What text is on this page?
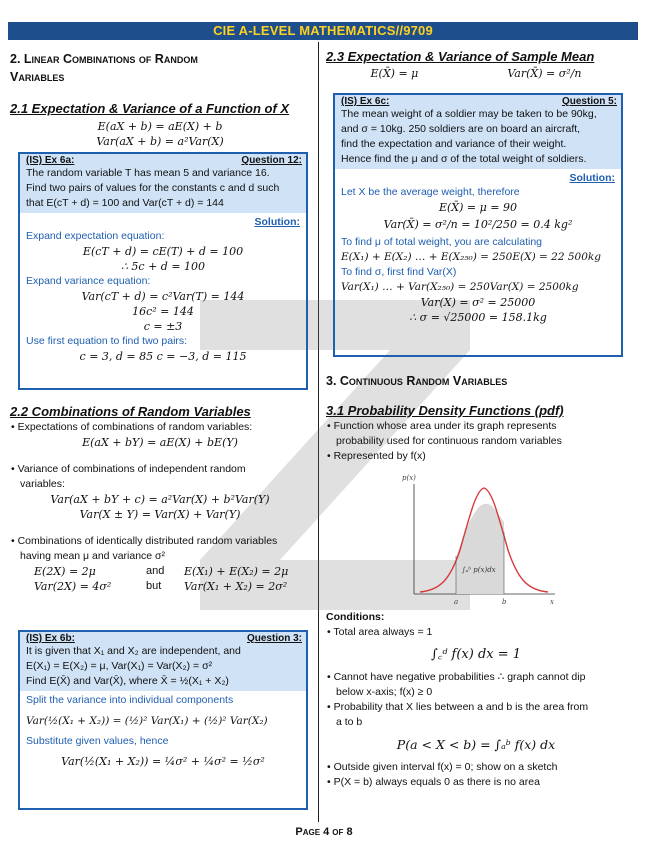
CIE A-LEVEL MATHEMATICS//9709
2. Linear Combinations of Random
Variables
2.1 Expectation & Variance of a Function of X
E(aX + b) = aE(X) + b
Var(aX + b) = a²Var(X)
(IS) Ex 6a:	Question 12:
The random variable T has mean 5 and variance 16.
Find two pairs of values for the constants c and d such
that E(cT + d) = 100 and Var(cT + d) = 144
Solution:
Expand expectation equation:
E(cT + d) = cE(T) + d = 100
∴ 5c + d = 100
Expand variance equation:
Var(cT + d) = c²Var(T) = 144
16c² = 144
c = ±3
Use first equation to find two pairs:
c = 3, d = 85 c = −3, d = 115
2.2 Combinations of Random Variables
• Expectations of combinations of random variables:
E(aX + bY) = aE(X) + bE(Y)
• Variance of combinations of independent random
variables:
Var(aX + bY + c) = a²Var(X) + b²Var(Y)
Var(X ± Y) = Var(X) + Var(Y)
• Combinations of identically distributed random variables
having mean μ and variance σ²
E(2X) = 2μ	and	E(X₁) + E(X₂) = 2μ
Var(2X) = 4σ²	but	Var(X₁ + X₂) = 2σ²
(IS) Ex 6b:	Question 3:
It is given that X₁ and X₂ are independent, and
E(X₁) = E(X₂) = μ, Var(X₁) = Var(X₂) = σ²
Find E(X̄) and Var(X̄), where X̄ = ½(X₁ + X₂)
Split the variance into individual components
Var(½(X₁ + X₂)) = (½)² Var(X₁) + (½)² Var(X₂)
Substitute given values, hence
Var(½(X₁ + X₂)) = ¼σ² + ¼σ² = ½σ²
2.3 Expectation & Variance of Sample Mean
E(X̄) = μ	Var(X̄) = σ²/n
(IS) Ex 6c:	Question 5:
The mean weight of a soldier may be taken to be 90kg,
and σ = 10kg. 250 soldiers are on board an aircraft,
find the expectation and variance of their weight.
Hence find the μ and σ of the total weight of soldiers.
Solution:
Let X be the average weight, therefore
E(X̄) = μ = 90
Var(X̄) = σ²/n = 10²/250 = 0.4 kg²
To find μ of total weight, you are calculating
E(X₁) + E(X₂) … + E(X₂₅₀) = 250E(X) = 22 500kg
To find σ, first find Var(X)
Var(X₁) … + Var(X₂₅₀) = 250Var(X) = 2500kg
Var(X) = σ² = 25000
∴ σ = √25000 = 158.1kg
3. Continuous Random Variables
3.1 Probability Density Functions (pdf)
• Function whose area under its graph represents
probability used for continuous random variables
• Represented by f(x)
p(x)
x
a	b
∫ₐᵇ p(x)dx
Conditions:
• Total area always = 1
∫꜀ᵈ f(x) dx = 1
• Cannot have negative probabilities ∴ graph cannot dip
below x-axis; f(x) ≥ 0
• Probability that X lies between a and b is the area from
a to b
P(a < X < b) = ∫ₐᵇ f(x) dx
• Outside given interval f(x) = 0; show on a sketch
• P(X = b) always equals 0 as there is no area
Page 4 of 8
